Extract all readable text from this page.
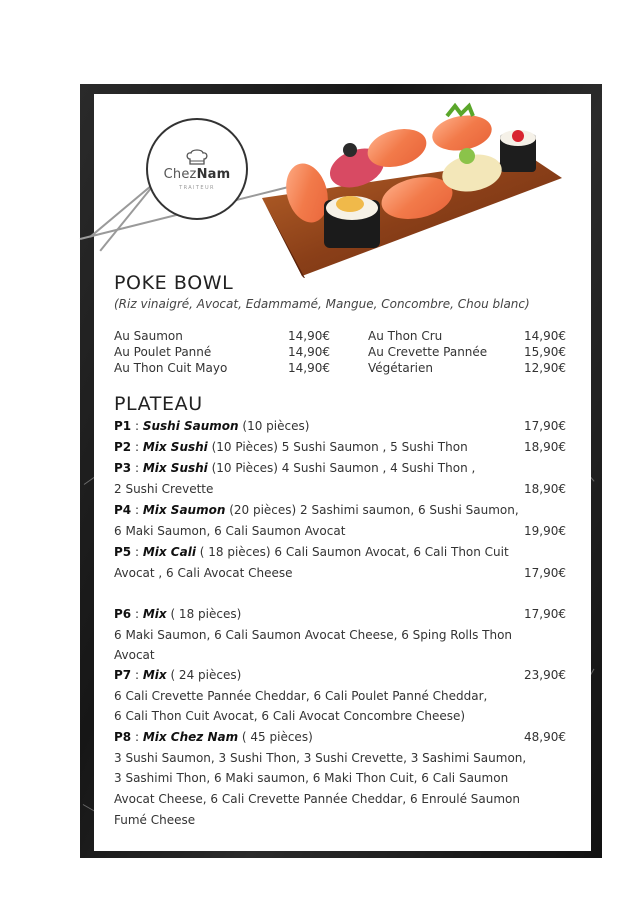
ChezNam
TRAITEUR
POKE BOWL
(Riz vinaigré, Avocat, Edammamé, Mangue, Concombre, Chou blanc)
Au Saumon	14,90€
Au Poulet Panné	14,90€
Au Thon Cuit Mayo	14,90€
Au Thon Cru	14,90€
Au Crevette Pannée	15,90€
Végétarien	12,90€
PLATEAU
P1 : Sushi Saumon (10 pièces)	17,90€
P2 : Mix Sushi (10 Pièces) 5 Sushi Saumon , 5 Sushi Thon	18,90€
P3 : Mix Sushi (10 Pièces) 4 Sushi Saumon , 4 Sushi Thon ,
2 Sushi Crevette	18,90€
P4 : Mix Saumon (20 pièces) 2 Sashimi saumon, 6 Sushi Saumon,
6 Maki Saumon, 6 Cali Saumon Avocat	19,90€
P5 : Mix Cali ( 18 pièces) 6 Cali Saumon Avocat, 6 Cali Thon Cuit
Avocat , 6 Cali Avocat Cheese	17,90€
P6 : Mix ( 18 pièces)	17,90€
6 Maki Saumon, 6 Cali Saumon Avocat Cheese, 6 Sping Rolls Thon
Avocat
P7 : Mix ( 24 pièces)	23,90€
6 Cali Crevette Pannée Cheddar, 6 Cali Poulet Panné Cheddar,
6 Cali Thon Cuit Avocat, 6 Cali Avocat Concombre Cheese)
P8 : Mix Chez Nam ( 45 pièces)	48,90€
3 Sushi Saumon, 3 Sushi Thon, 3 Sushi Crevette, 3 Sashimi Saumon,
3 Sashimi Thon, 6 Maki saumon, 6 Maki Thon Cuit, 6 Cali Saumon
Avocat Cheese, 6 Cali Crevette Pannée Cheddar, 6 Enroulé Saumon
Fumé Cheese
